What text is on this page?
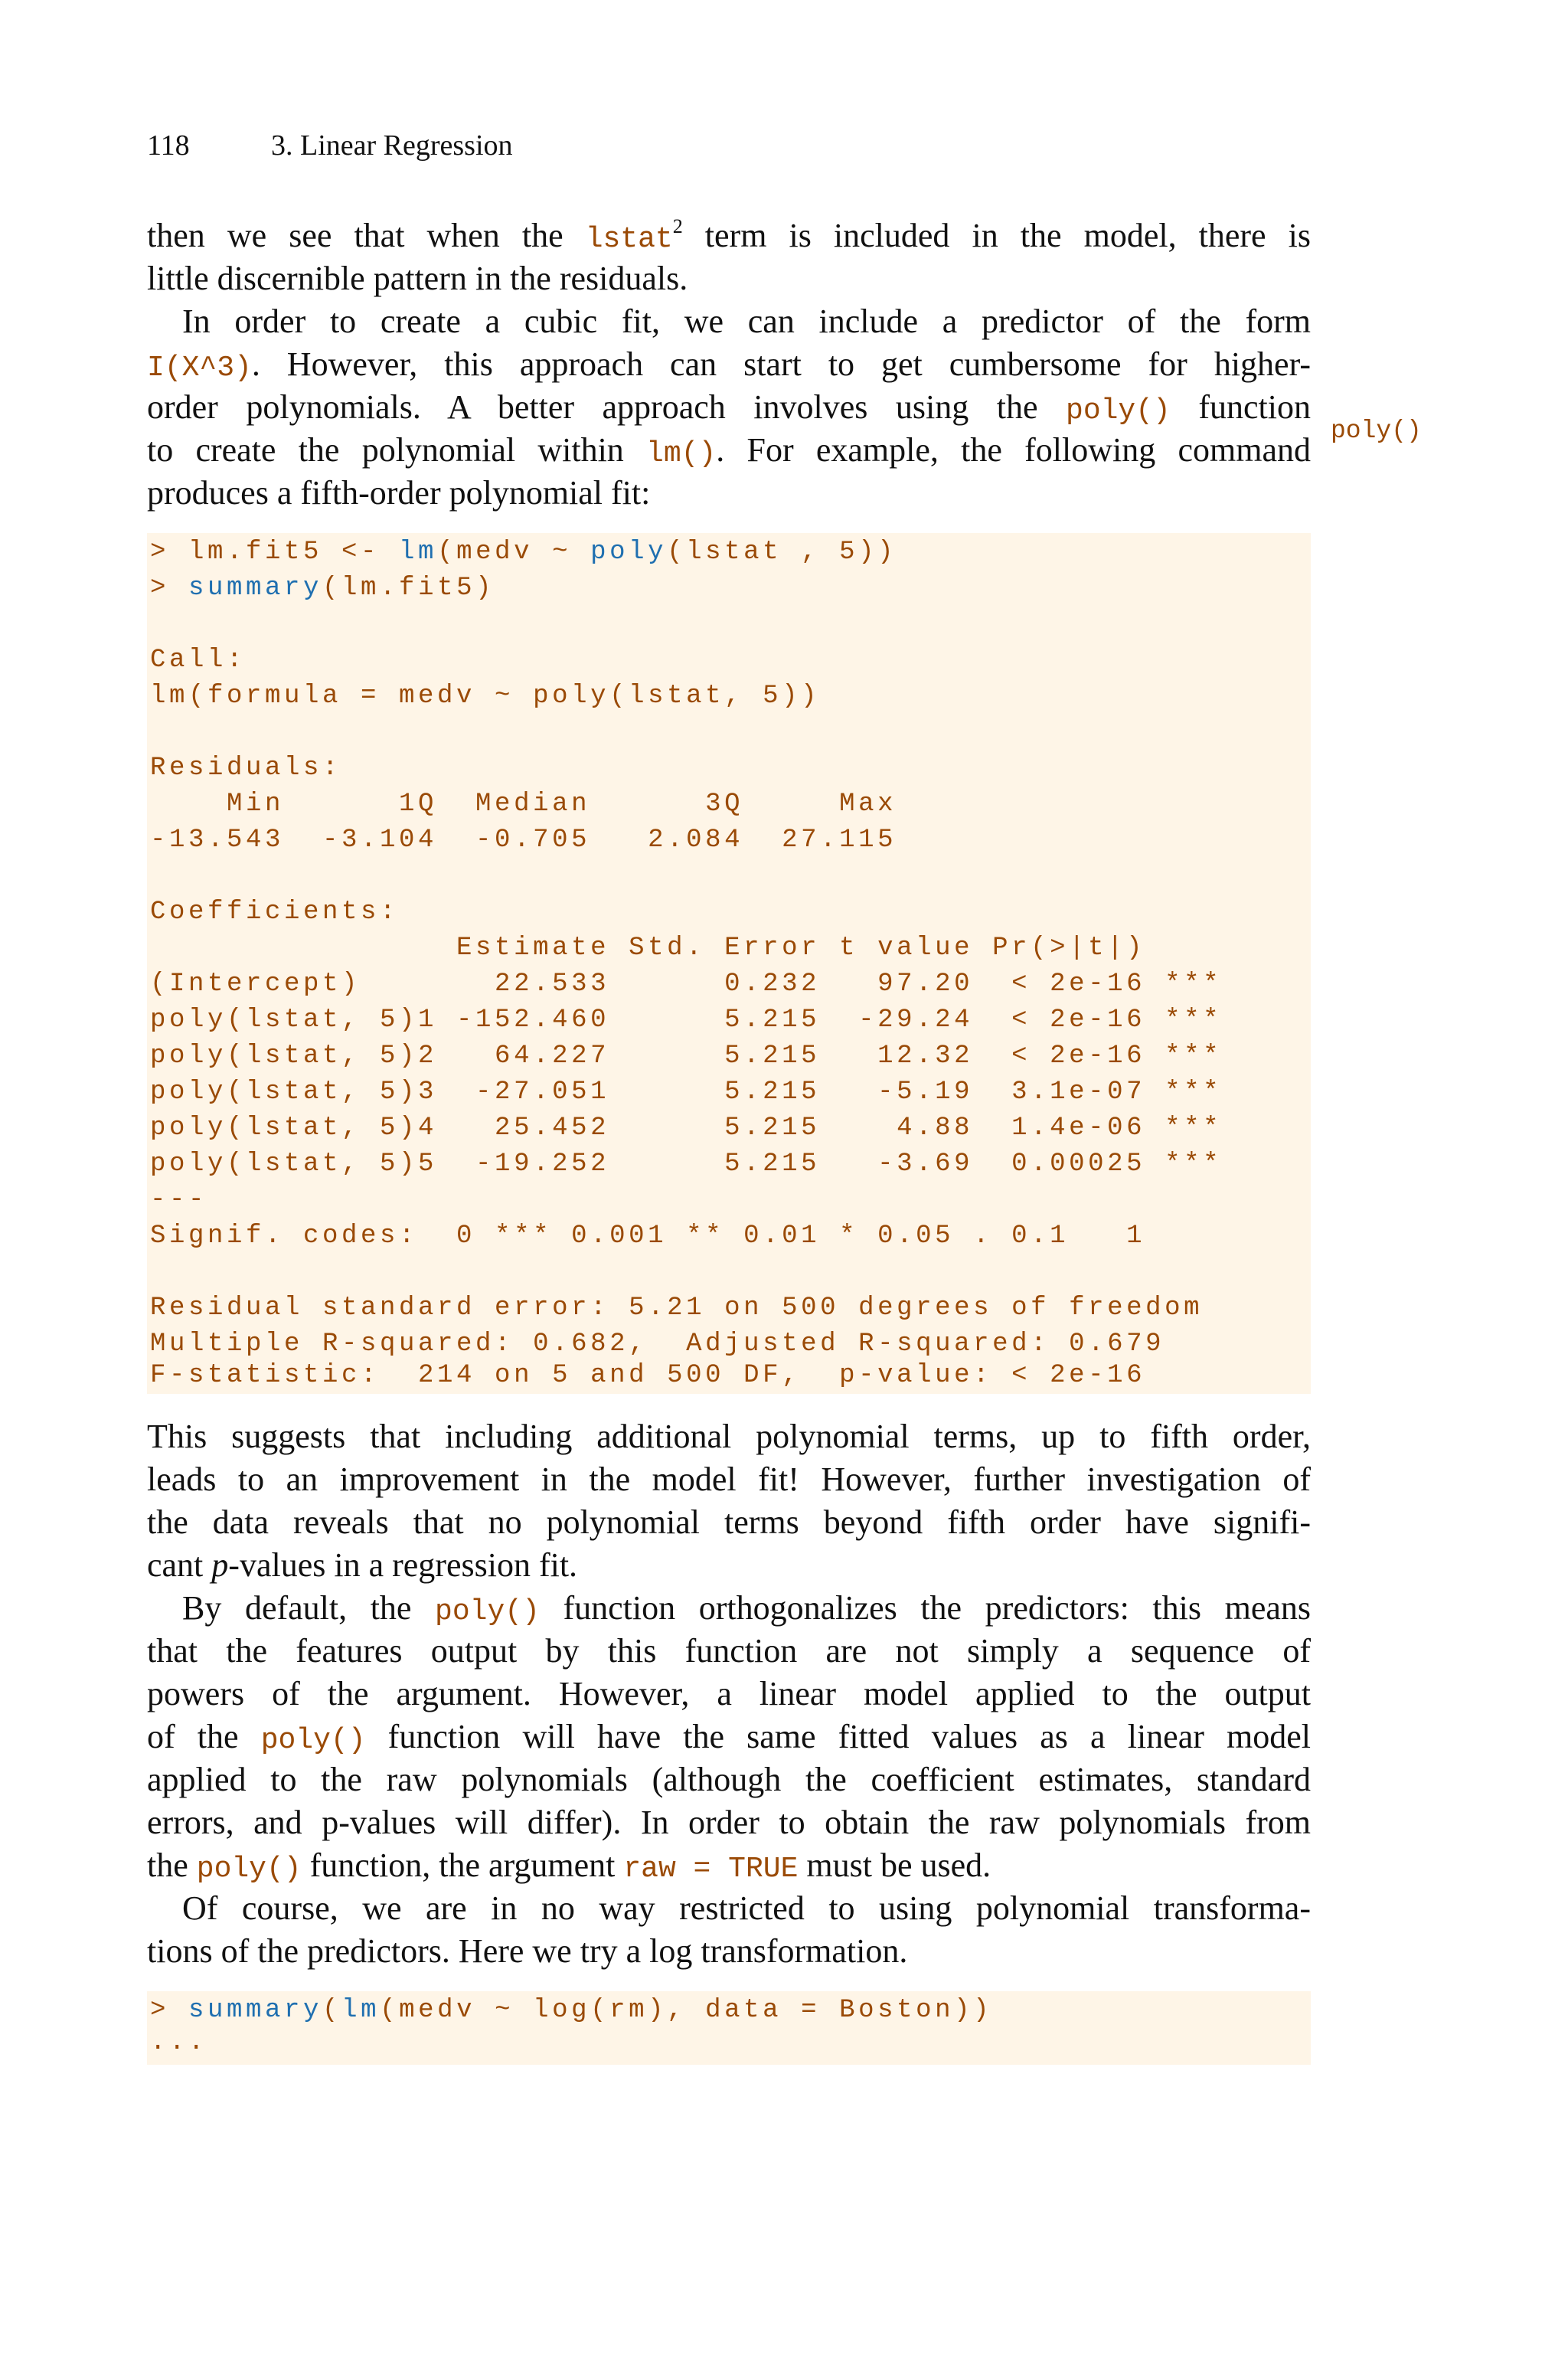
118	3. Linear Regression
poly()
then we see that when the lstat$^2$ term is included in the model, there is
little discernible pattern in the residuals.
In order to create a cubic fit, we can include a predictor of the form
I(X^3). However, this approach can start to get cumbersome for higher-
order polynomials. A better approach involves using the poly() function
to create the polynomial within lm(). For example, the following command
produces a fifth-order polynomial fit:
> lm.fit5 <- lm(medv ~ poly(lstat , 5))
> summary(lm.fit5)
Call:
lm(formula = medv ~ poly(lstat, 5))
Residuals:
Min      1Q  Median      3Q     Max
-13.543  -3.104  -0.705   2.084  27.115
Coefficients:
Estimate Std. Error t value Pr(>|t|)
(Intercept)       22.533      0.232   97.20  < 2e-16 ***
poly(lstat, 5)1 -152.460      5.215  -29.24  < 2e-16 ***
poly(lstat, 5)2   64.227      5.215   12.32  < 2e-16 ***
poly(lstat, 5)3  -27.051      5.215   -5.19  3.1e-07 ***
poly(lstat, 5)4   25.452      5.215    4.88  1.4e-06 ***
poly(lstat, 5)5  -19.252      5.215   -3.69  0.00025 ***
---
Signif. codes:  0 *** 0.001 ** 0.01 * 0.05 . 0.1   1
Residual standard error: 5.21 on 500 degrees of freedom
Multiple R-squared: 0.682,  Adjusted R-squared: 0.679
F-statistic:  214 on 5 and 500 DF,  p-value: < 2e-16
This suggests that including additional polynomial terms, up to fifth order,
leads to an improvement in the model fit! However, further investigation of
the data reveals that no polynomial terms beyond fifth order have signifi-
cant p-values in a regression fit.
By default, the poly() function orthogonalizes the predictors: this means
that the features output by this function are not simply a sequence of
powers of the argument. However, a linear model applied to the output
of the poly() function will have the same fitted values as a linear model
applied to the raw polynomials (although the coefficient estimates, standard
errors, and p-values will differ). In order to obtain the raw polynomials from
the poly() function, the argument raw = TRUE must be used.
Of course, we are in no way restricted to using polynomial transforma-
tions of the predictors. Here we try a log transformation.
> summary(lm(medv ~ log(rm), data = Boston))
...
